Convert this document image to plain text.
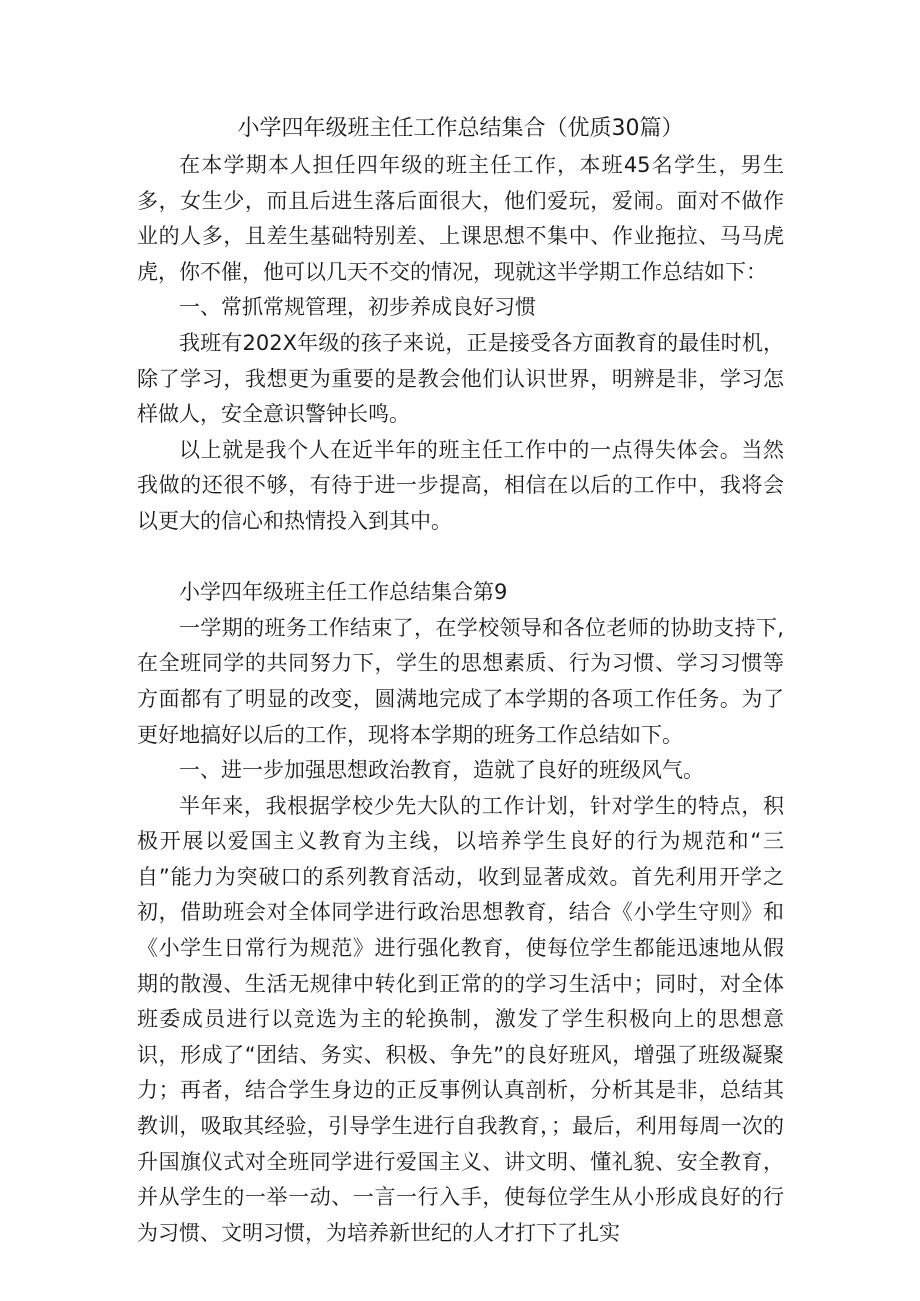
小学四年级班主任工作总结集合（优质30篇）

在本学期本人担任四年级的班主任工作，本班45名学生，男生多，女生少，而且后进生落后面很大，他们爱玩，爱闹。面对不做作业的人多，且差生基础特别差、上课思想不集中、作业拖拉、马马虎虎，你不催，他可以几天不交的情况，现就这半学期工作总结如下：

一、常抓常规管理，初步养成良好习惯

我班有202X年级的孩子来说，正是接受各方面教育的最佳时机，除了学习，我想更为重要的是教会他们认识世界，明辨是非，学习怎样做人，安全意识警钟长鸣。

以上就是我个人在近半年的班主任工作中的一点得失体会。当然我做的还很不够，有待于进一步提高，相信在以后的工作中，我将会以更大的信心和热情投入到其中。

小学四年级班主任工作总结集合第9

一学期的班务工作结束了，在学校领导和各位老师的协助支持下,在全班同学的共同努力下，学生的思想素质、行为习惯、学习习惯等方面都有了明显的改变，圆满地完成了本学期的各项工作任务。为了更好地搞好以后的工作，现将本学期的班务工作总结如下。

一、进一步加强思想政治教育，造就了良好的班级风气。

半年来，我根据学校少先大队的工作计划，针对学生的特点，积极开展以爱国主义教育为主线，以培养学生良好的行为规范和“三自”能力为突破口的系列教育活动，收到显著成效。首先利用开学之初，借助班会对全体同学进行政治思想教育，结合《小学生守则》和《小学生日常行为规范》进行强化教育，使每位学生都能迅速地从假期的散漫、生活无规律中转化到正常的的学习生活中；同时，对全体班委成员进行以竞选为主的轮换制，激发了学生积极向上的思想意识，形成了“团结、务实、积极、争先”的良好班风，增强了班级凝聚力；再者，结合学生身边的正反事例认真剖析，分析其是非，总结其教训，吸取其经验，引导学生进行自我教育，；最后，利用每周一次的升国旗仪式对全班同学进行爱国主义、讲文明、懂礼貌、安全教育，并从学生的一举一动、一言一行入手，使每位学生从小形成良好的行为习惯、文明习惯，为培养新世纪的人才打下了扎实
